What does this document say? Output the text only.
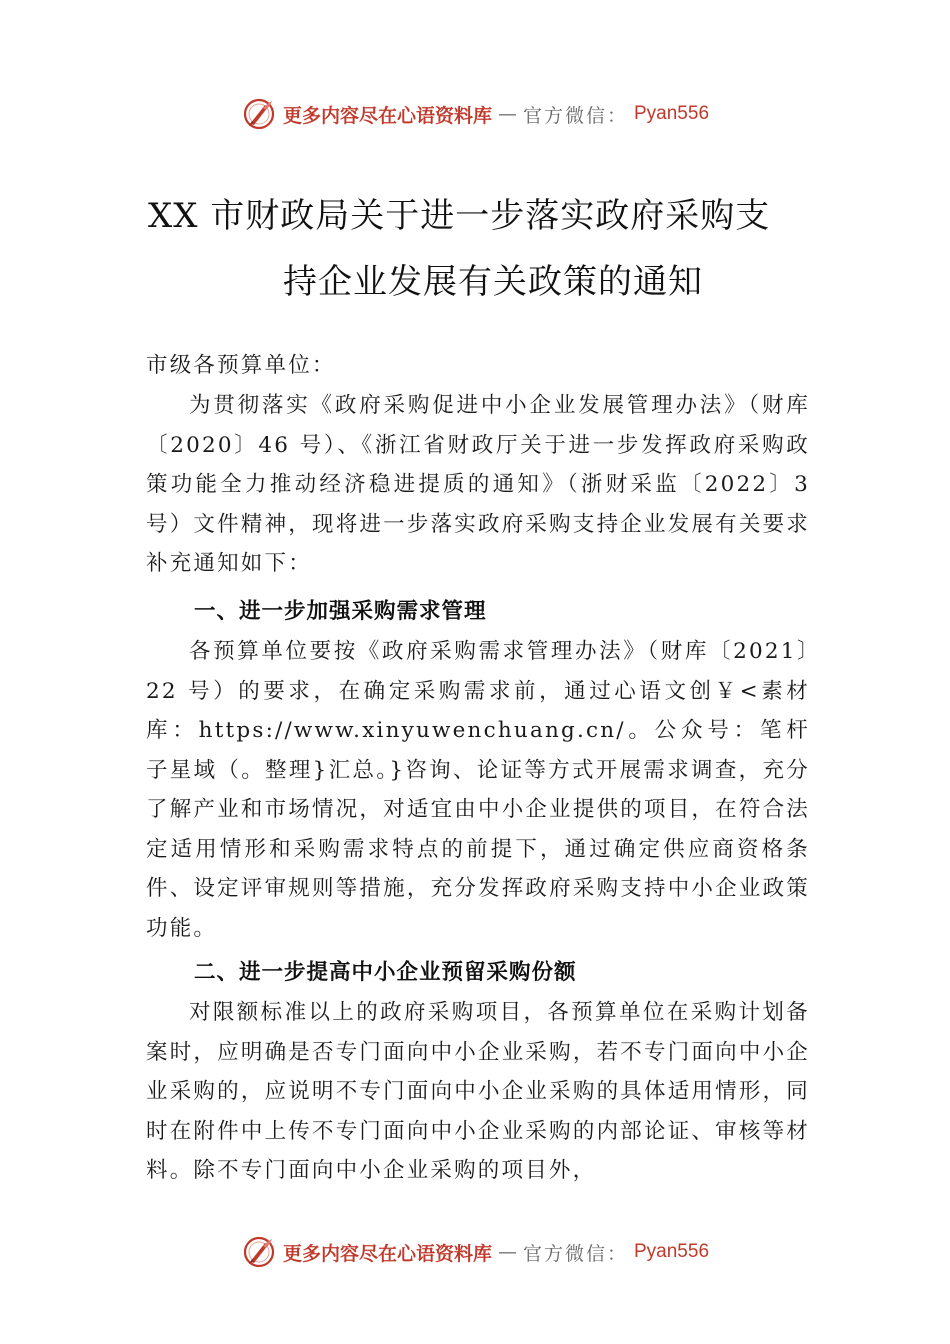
更多内容尽在心语资料库 — 官方微信： Pyan556
XX 市财政局关于进一步落实政府采购支
持企业发展有关政策的通知
市级各预算单位：
为贯彻落实《政府采购促进中小企业发展管理办法》（财库〔2020〕46 号）、《浙江省财政厅关于进一步发挥政府采购政策功能全力推动经济稳进提质的通知》（浙财采监〔2022〕3 号）文件精神，现将进一步落实政府采购支持企业发展有关要求补充通知如下：
一、进一步加强采购需求管理
各预算单位要按《政府采购需求管理办法》（财库〔2021〕22 号）的要求，在确定采购需求前，通过心语文创￥<素材库：https://www.xinyuwenchuang.cn/。公众号：笔杆子星域（。整理}汇总。}咨询、论证等方式开展需求调查，充分了解产业和市场情况，对适宜由中小企业提供的项目，在符合法定适用情形和采购需求特点的前提下，通过确定供应商资格条件、设定评审规则等措施，充分发挥政府采购支持中小企业政策功能。
二、进一步提高中小企业预留采购份额
对限额标准以上的政府采购项目，各预算单位在采购计划备案时，应明确是否专门面向中小企业采购，若不专门面向中小企业采购的，应说明不专门面向中小企业采购的具体适用情形，同时在附件中上传不专门面向中小企业采购的内部论证、审核等材料。除不专门面向中小企业采购的项目外，
更多内容尽在心语资料库 — 官方微信： Pyan556
